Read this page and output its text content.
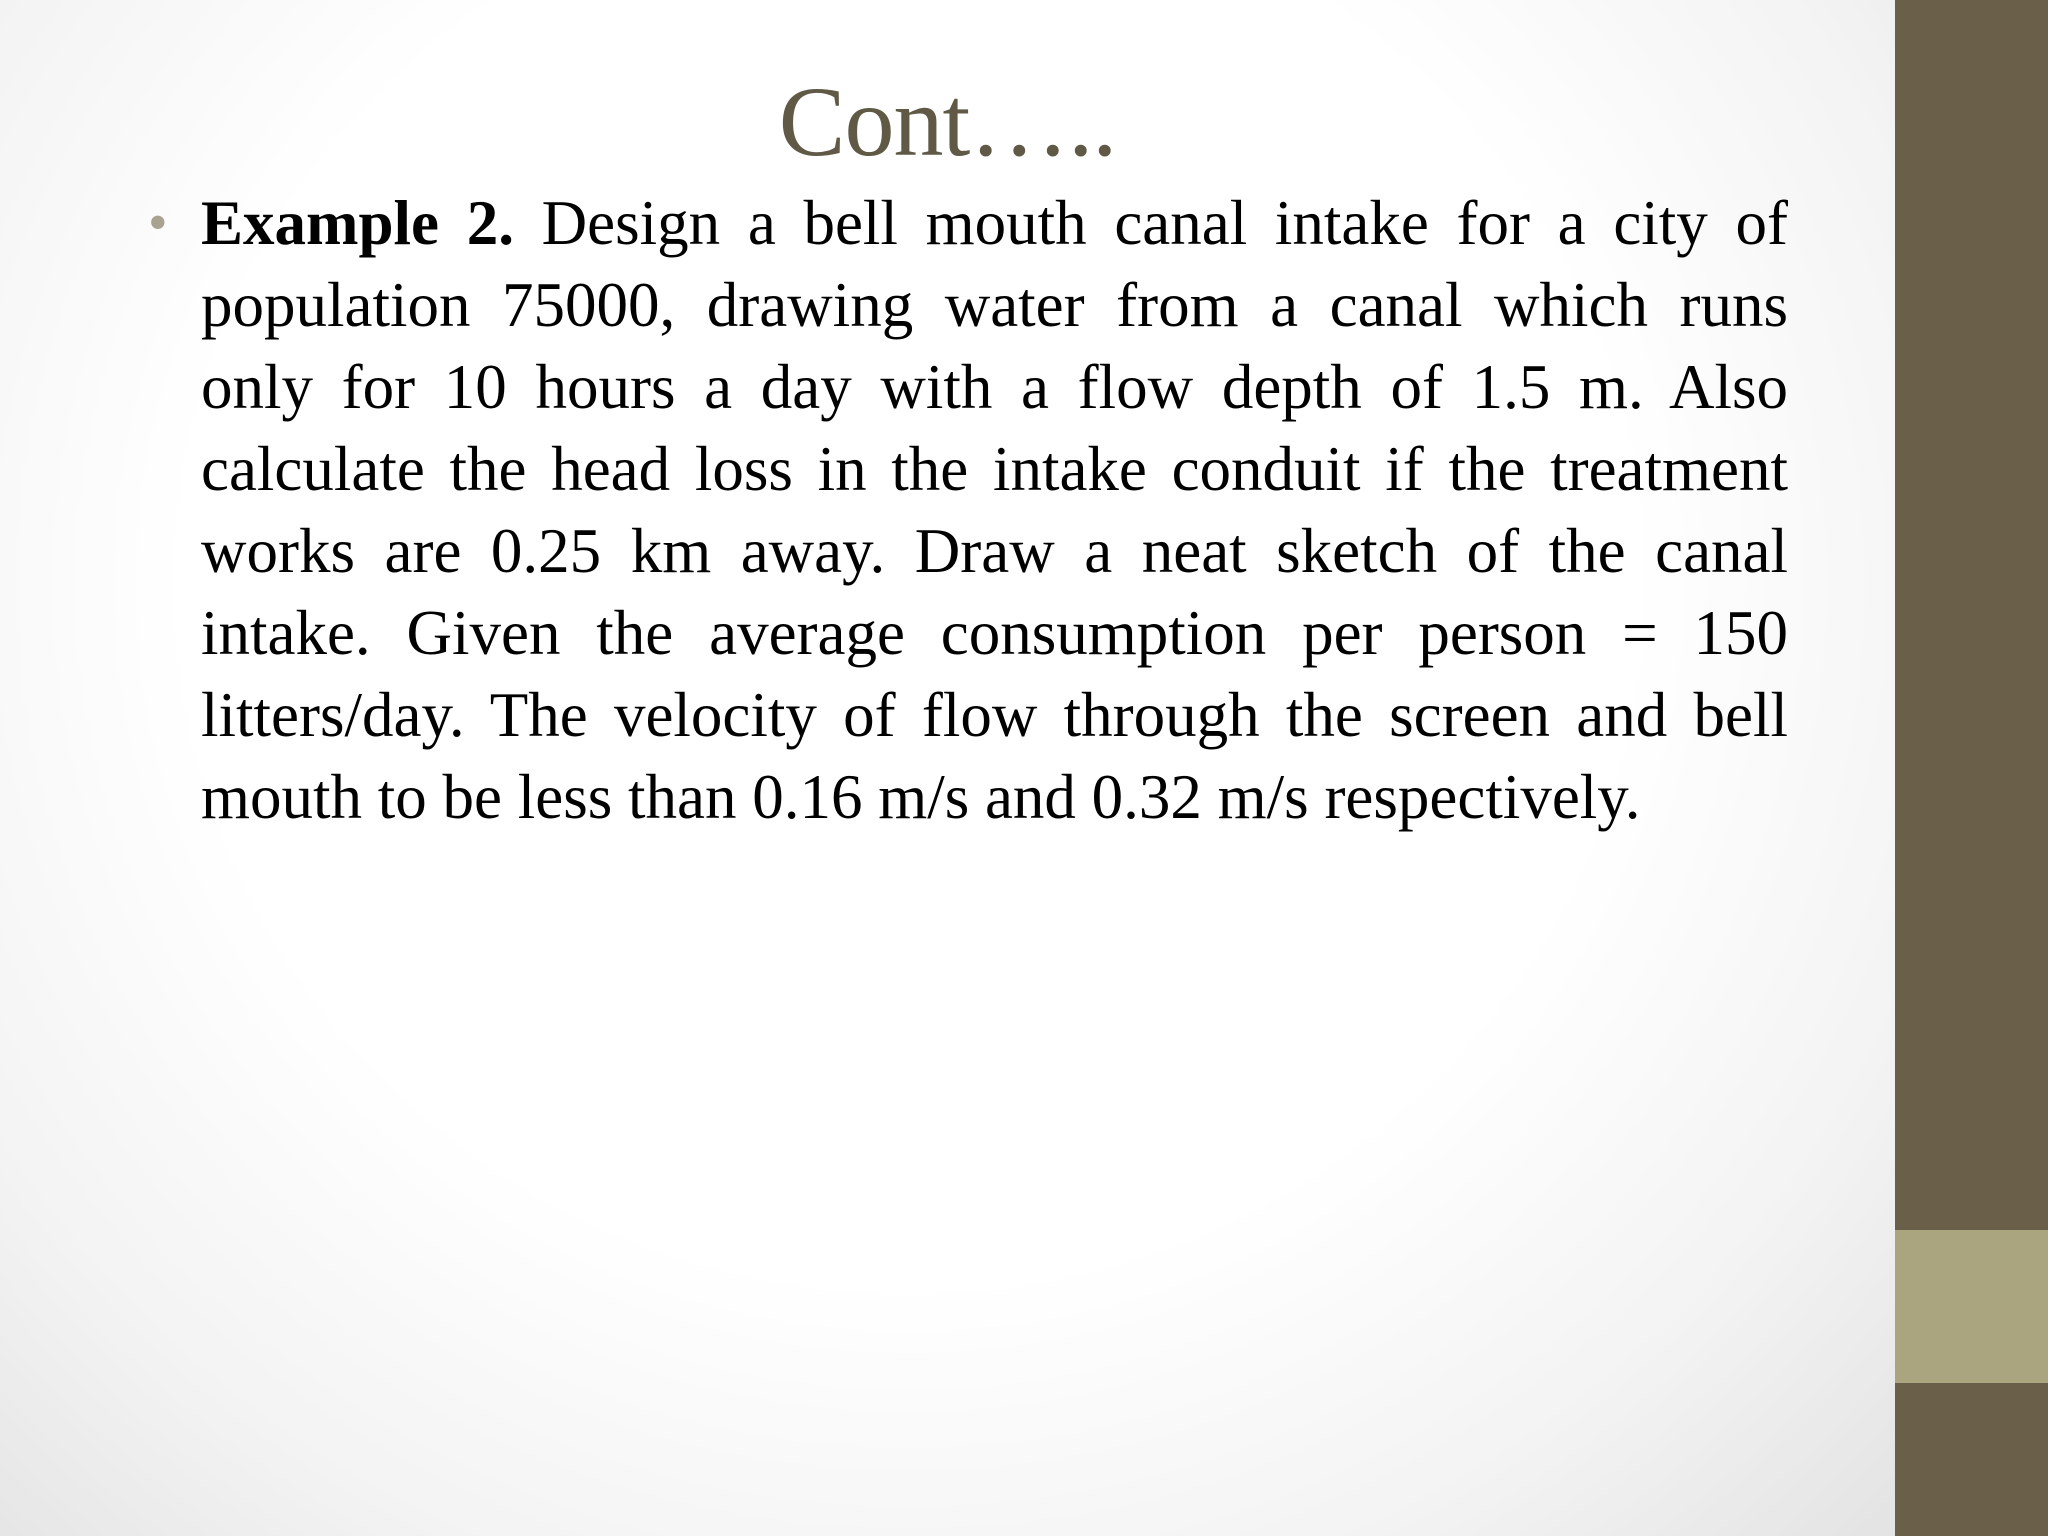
Cont…..
• Example 2. Design a bell mouth canal intake for a city of population 75000, drawing water from a canal which runs only for 10 hours a day with a flow depth of 1.5 m. Also calculate the head loss in the intake conduit if the treatment works are 0.25 km away. Draw a neat sketch of the canal intake. Given the average consumption per person = 150 litters/day. The velocity of flow through the screen and bell mouth to be less than 0.16 m/s and 0.32 m/s respectively.
